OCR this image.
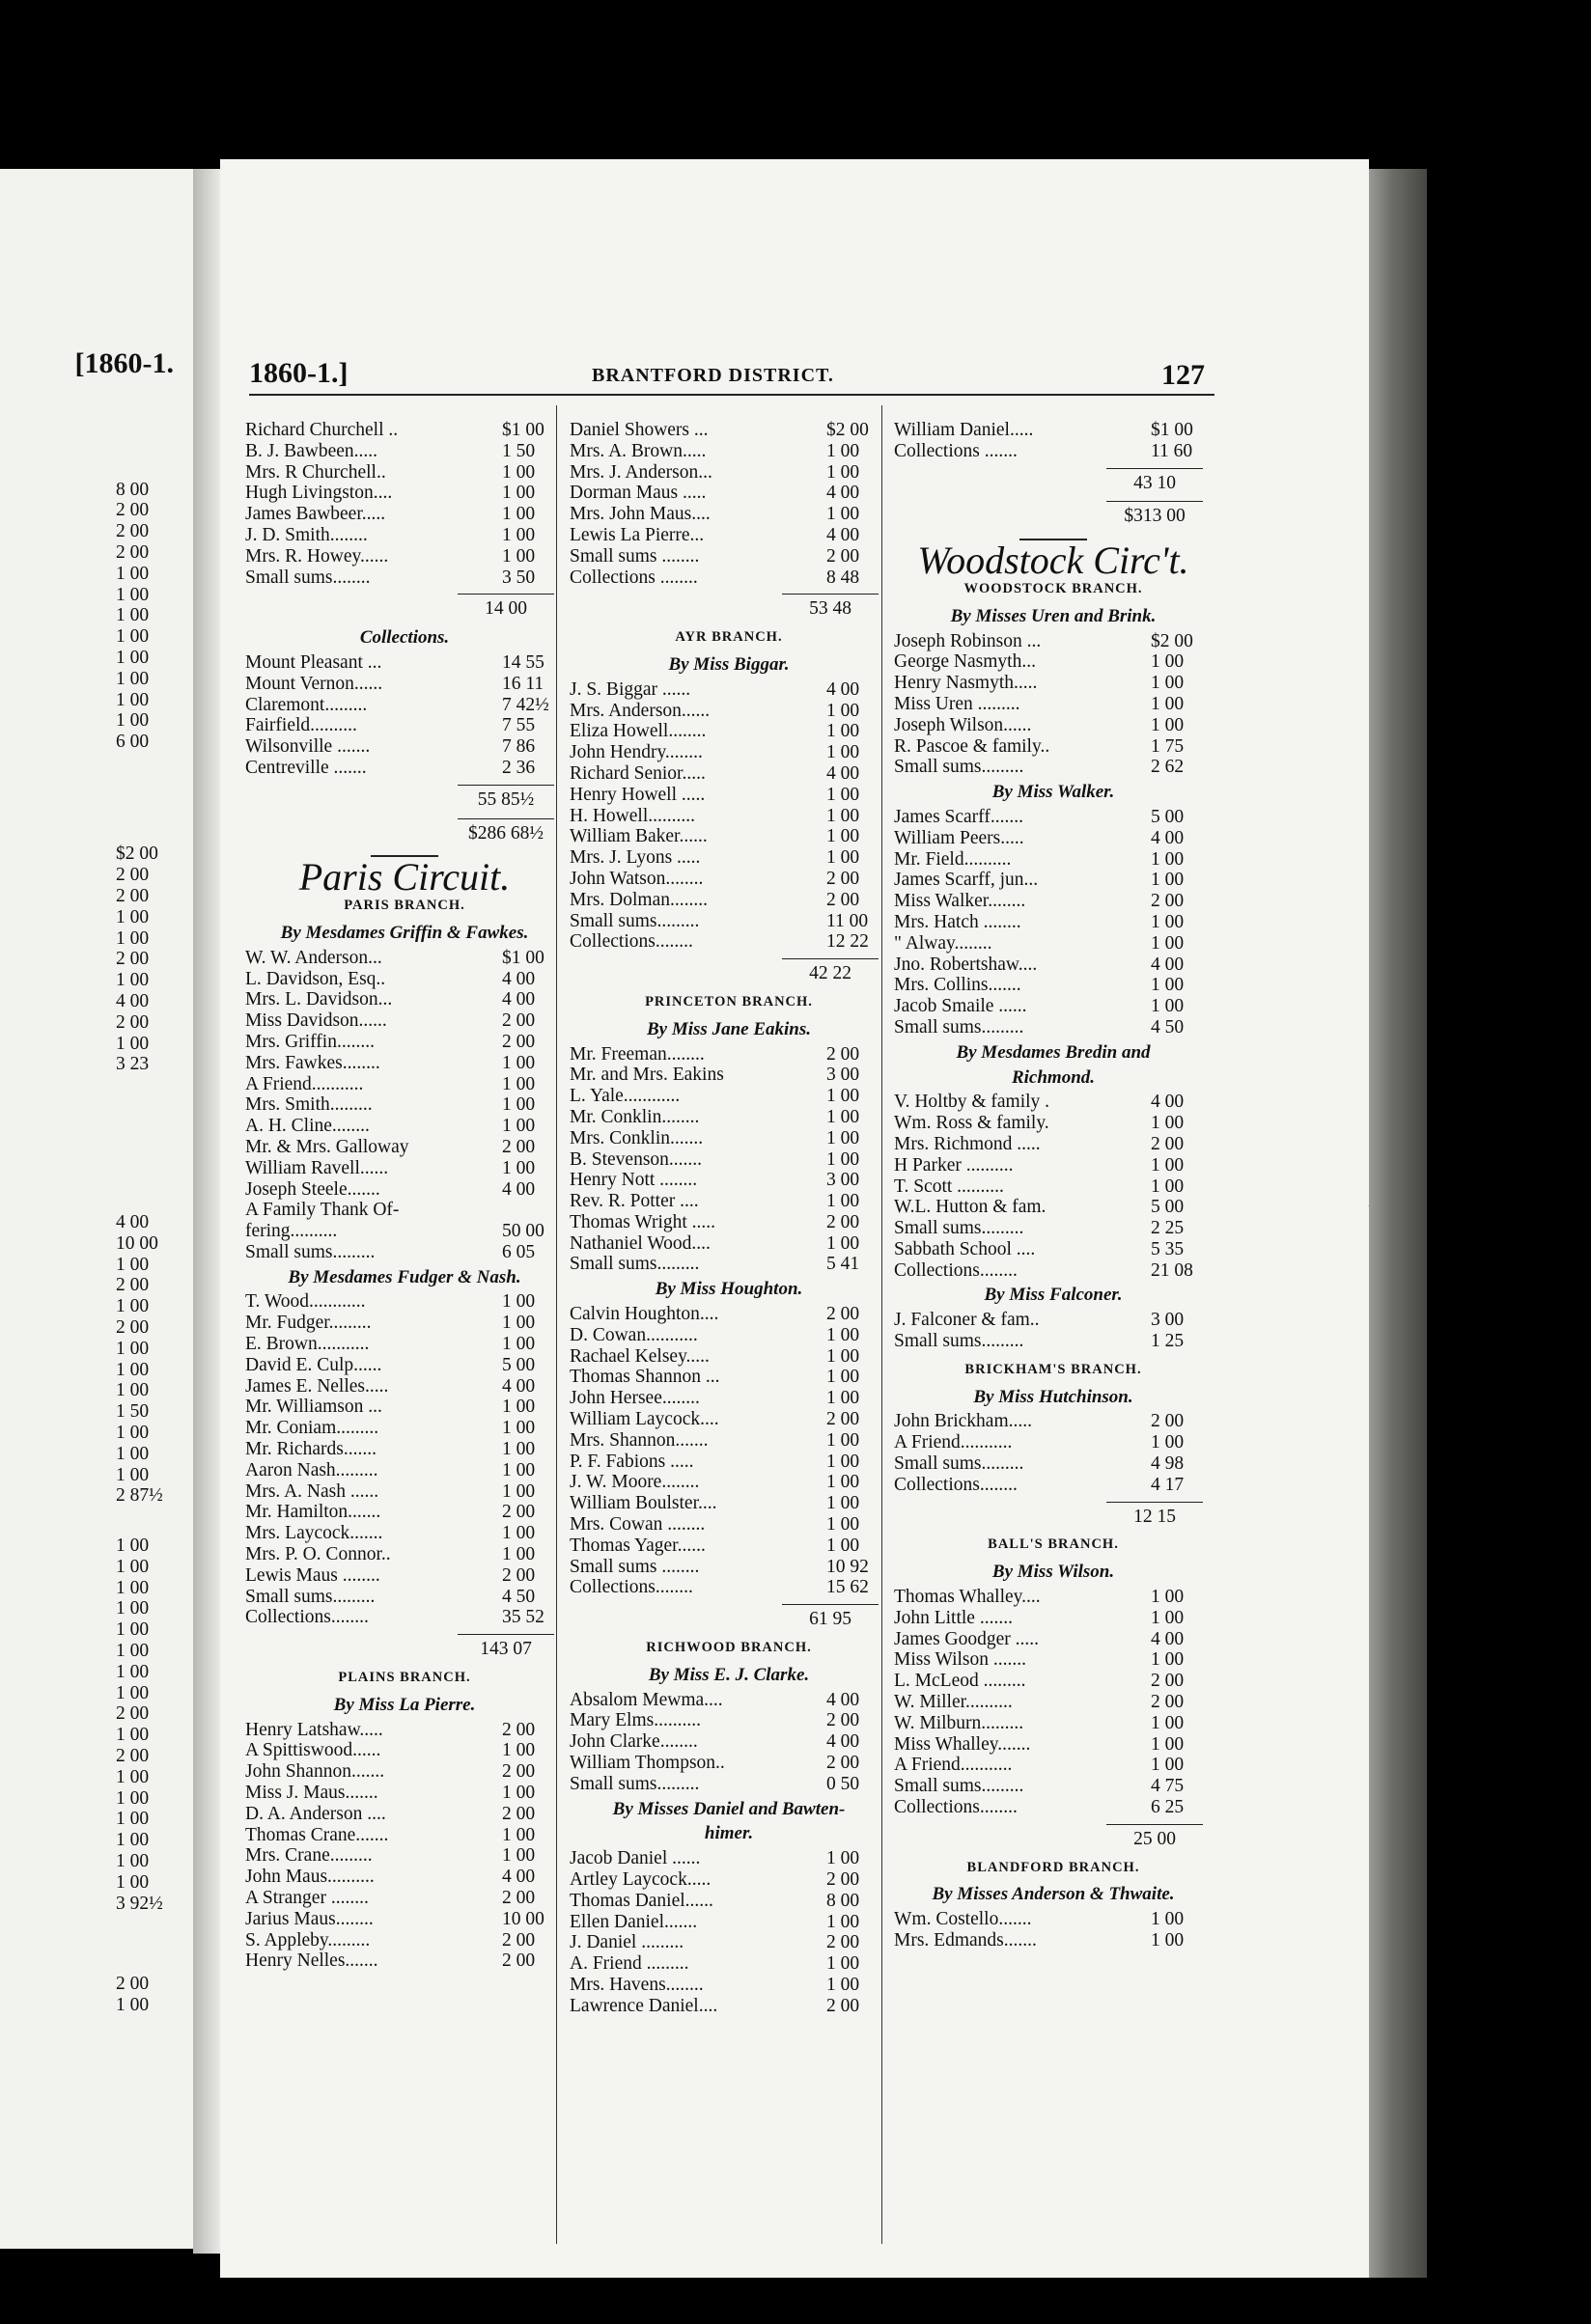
[1860-1.
8 00
2 00
2 00
2 00
1 00
1 00
1 00
1 00
1 00
1 00
1 00
1 00
6 00
$2 00
2 00
2 00
1 00
1 00
2 00
1 00
4 00
2 00
1 00
3 23
4 00
10 00
1 00
2 00
1 00
2 00
1 00
1 00
1 00
1 50
1 00
1 00
1 00
2 87½
1 00
1 00
1 00
1 00
1 00
1 00
1 00
1 00
2 00
1 00
2 00
1 00
1 00
1 00
1 00
1 00
1 00
3 92½
2 00
1 00
1860-1.]	BRANTFORD DISTRICT.	127
Richard Churchell ..	$1 00
B. J. Bawbeen.....	1 50
Mrs. R Churchell..	1 00
Hugh Livingston....	1 00
James Bawbeer.....	1 00
J. D. Smith........	1 00
Mrs. R. Howey......	1 00
Small sums........	3 50
14 00
Collections.
Mount Pleasant ...	14 55
Mount Vernon......	16 11
Claremont.........	7 42½
Fairfield..........	7 55
Wilsonville .......	7 86
Centreville .......	2 36
55 85½
$286 68½
Paris Circuit.
PARIS BRANCH.
By Mesdames Griffin & Fawkes.
W. W. Anderson...	$1 00
L. Davidson, Esq..	4 00
Mrs. L. Davidson...	4 00
Miss Davidson......	2 00
Mrs. Griffin........	2 00
Mrs. Fawkes........	1 00
A Friend...........	1 00
Mrs. Smith.........	1 00
A. H. Cline........	1 00
Mr. & Mrs. Galloway	2 00
William Ravell......	1 00
Joseph Steele.......	4 00
A Family Thank Of-
fering..........	50 00
Small sums.........	6 05
By Mesdames Fudger & Nash.
T. Wood............	1 00
Mr. Fudger.........	1 00
E. Brown...........	1 00
David E. Culp......	5 00
James E. Nelles.....	4 00
Mr. Williamson ...	1 00
Mr. Coniam.........	1 00
Mr. Richards.......	1 00
Aaron Nash.........	1 00
Mrs. A. Nash ......	1 00
Mr. Hamilton.......	2 00
Mrs. Laycock.......	1 00
Mrs. P. O. Connor..	1 00
Lewis Maus ........	2 00
Small sums.........	4 50
Collections........	35 52
143 07
PLAINS BRANCH.
By Miss La Pierre.
Henry Latshaw.....	2 00
A Spittiswood......	1 00
John Shannon.......	2 00
Miss J. Maus.......	1 00
D. A. Anderson ....	2 00
Thomas Crane.......	1 00
Mrs. Crane.........	1 00
John Maus..........	4 00
A Stranger ........	2 00
Jarius Maus........	10 00
S. Appleby.........	2 00
Henry Nelles.......	2 00
Daniel Showers ...	$2 00
Mrs. A. Brown.....	1 00
Mrs. J. Anderson...	1 00
Dorman Maus .....	4 00
Mrs. John Maus....	1 00
Lewis La Pierre...	4 00
Small sums ........	2 00
Collections ........	8 48
53 48
AYR BRANCH.
By Miss Biggar.
J. S. Biggar ......	4 00
Mrs. Anderson......	1 00
Eliza Howell........	1 00
John Hendry........	1 00
Richard Senior.....	4 00
Henry Howell .....	1 00
H. Howell..........	1 00
William Baker......	1 00
Mrs. J. Lyons .....	1 00
John Watson........	2 00
Mrs. Dolman........	2 00
Small sums.........	11 00
Collections........	12 22
42 22
PRINCETON BRANCH.
By Miss Jane Eakins.
Mr. Freeman........	2 00
Mr. and Mrs. Eakins	3 00
L. Yale............	1 00
Mr. Conklin........	1 00
Mrs. Conklin.......	1 00
B. Stevenson.......	1 00
Henry Nott ........	3 00
Rev. R. Potter ....	1 00
Thomas Wright .....	2 00
Nathaniel Wood....	1 00
Small sums.........	5 41
By Miss Houghton.
Calvin Houghton....	2 00
D. Cowan...........	1 00
Rachael Kelsey.....	1 00
Thomas Shannon ...	1 00
John Hersee........	1 00
William Laycock....	2 00
Mrs. Shannon.......	1 00
P. F. Fabions .....	1 00
J. W. Moore........	1 00
William Boulster....	1 00
Mrs. Cowan ........	1 00
Thomas Yager......	1 00
Small sums ........	10 92
Collections........	15 62
61 95
RICHWOOD BRANCH.
By Miss E. J. Clarke.
Absalom Mewma....	4 00
Mary Elms..........	2 00
John Clarke........	4 00
William Thompson..	2 00
Small sums.........	0 50
By Misses Daniel and Bawten-
himer.
Jacob Daniel ......	1 00
Artley Laycock.....	2 00
Thomas Daniel......	8 00
Ellen Daniel.......	1 00
J. Daniel .........	2 00
A. Friend .........	1 00
Mrs. Havens........	1 00
Lawrence Daniel....	2 00
William Daniel.....	$1 00
Collections .......	11 60
43 10
$313 00
Woodstock Circ't.
WOODSTOCK BRANCH.
By Misses Uren and Brink.
Joseph Robinson ...	$2 00
George Nasmyth...	1 00
Henry Nasmyth.....	1 00
Miss Uren .........	1 00
Joseph Wilson......	1 00
R. Pascoe & family..	1 75
Small sums.........	2 62
By Miss Walker.
James Scarff.......	5 00
William Peers.....	4 00
Mr. Field..........	1 00
James Scarff, jun...	1 00
Miss Walker........	2 00
Mrs. Hatch ........	1 00
" Alway........	1 00
Jno. Robertshaw....	4 00
Mrs. Collins.......	1 00
Jacob Smaile ......	1 00
Small sums.........	4 50
By Mesdames Bredin and
Richmond.
V. Holtby & family .	4 00
Wm. Ross & family.	1 00
Mrs. Richmond .....	2 00
H Parker ..........	1 00
T. Scott ..........	1 00
W.L. Hutton & fam.	5 00
Small sums.........	2 25
Sabbath School ....	5 35
Collections........	21 08
By Miss Falconer.
J. Falconer & fam..	3 00
Small sums.........	1 25
BRICKHAM'S BRANCH.
By Miss Hutchinson.
John Brickham.....	2 00
A Friend...........	1 00
Small sums.........	4 98
Collections........	4 17
12 15
BALL'S BRANCH.
By Miss Wilson.
Thomas Whalley....	1 00
John Little .......	1 00
James Goodger .....	4 00
Miss Wilson .......	1 00
L. McLeod .........	2 00
W. Miller..........	2 00
W. Milburn.........	1 00
Miss Whalley.......	1 00
A Friend...........	1 00
Small sums.........	4 75
Collections........	6 25
25 00
BLANDFORD BRANCH.
By Misses Anderson & Thwaite.
Wm. Costello.......	1 00
Mrs. Edmands.......	1 00
